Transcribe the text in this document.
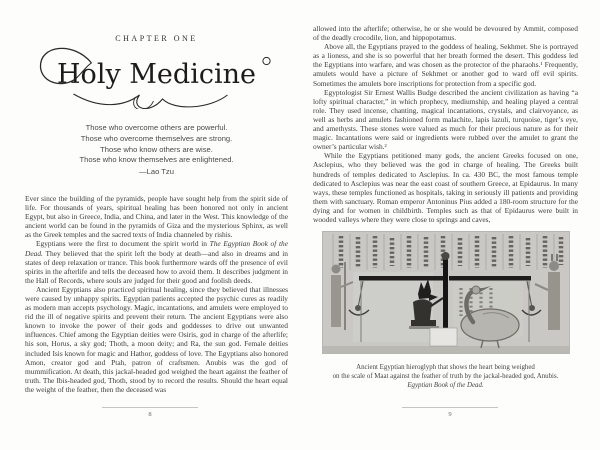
CHAPTER ONE
Holy Medicine
Those who overcome others are powerful.
Those who overcome themselves are strong.
Those who know others are wise.
Those who know themselves are enlightened.
—Lao Tzu

Ever since the building of the pyramids, people have sought help from the spirit side of life. For thousands of years, spiritual healing has been honored not only in ancient Egypt, but also in Greece, India, and China, and later in the West. This knowledge of the ancient world can be found in the pyramids of Giza and the mysterious Sphinx, as well as the Greek temples and the sacred texts of India channeled by rishis.

Egyptians were the first to document the spirit world in The Egyptian Book of the Dead. They believed that the spirit left the body at death—and also in dreams and in states of deep relaxation or trance. This book furthermore wards off the presence of evil spirits in the afterlife and tells the deceased how to avoid them. It describes judgment in the Hall of Records, where souls are judged for their good and foolish deeds.

Ancient Egyptians also practiced spiritual healing, since they believed that illnesses were caused by unhappy spirits. Egyptian patients accepted the psychic cures as readily as modern man accepts psychology. Magic, incantations, and amulets were employed to rid the ill of negative spirits and prevent their return. The ancient Egyptians were also known to invoke the power of their gods and goddesses to drive out unwanted influences. Chief among the Egyptian deities were Osiris, god in charge of the afterlife; his son, Horus, a sky god; Thoth, a moon deity; and Ra, the sun god. Female deities included Isis known for magic and Hathor, goddess of love. The Egyptians also honored Amon, creator god and Ptah, patron of craftsmen. Anubis was the god of mummification. At death, this jackal-headed god weighed the heart against the feather of truth. The Ibis-headed god, Thoth, stood by to record the results. Should the heart equal the weight of the feather, then the deceased was

8

allowed into the afterlife; otherwise, he or she would be devoured by Ammit, composed of the deadly crocodile, lion, and hippopotamus.

Above all, the Egyptians prayed to the goddess of healing, Sekhmet. She is portrayed as a lioness, and she is so powerful that her breath formed the desert. This goddess led the Egyptians into warfare, and was chosen as the protector of the pharaohs.¹ Frequently, amulets would have a picture of Sekhmet or another god to ward off evil spirits. Sometimes the amulets bore inscriptions for protection from a specific god.

Egyptologist Sir Ernest Wallis Budge described the ancient civilization as having “a lofty spiritual character,” in which prophecy, mediumship, and healing played a central role. They used incense, chanting, magical incantations, crystals, and clairvoyance, as well as herbs and amulets fashioned form malachite, lapis lazuli, turquoise, tiger’s eye, and amethysts. These stones were valued as much for their precious nature as for their magic. Incantations were said or ingredients were rubbed over the amulet to grant the owner’s particular wish.²

While the Egyptians petitioned many gods, the ancient Greeks focused on one, Asclepius, who they believed was the god in charge of healing. The Greeks built hundreds of temples dedicated to Asclepius. In ca. 430 BC, the most famous temple dedicated to Asclepius was near the east coast of southern Greece, at Epidaurus. In many ways, these temples functioned as hospitals, taking in seriously ill patients and providing them with sanctuary. Roman emperor Antoninus Pius added a 180-room structure for the dying and for women in childbirth. Temples such as that of Epidaurus were built in wooded valleys where they were close to springs and caves,

Ancient Egyptian hieroglyph that shows the heart being weighed
on the scale of Maat against the feather of truth by the jackal-headed god, Anubis.
Egyptian Book of the Dead.
9
